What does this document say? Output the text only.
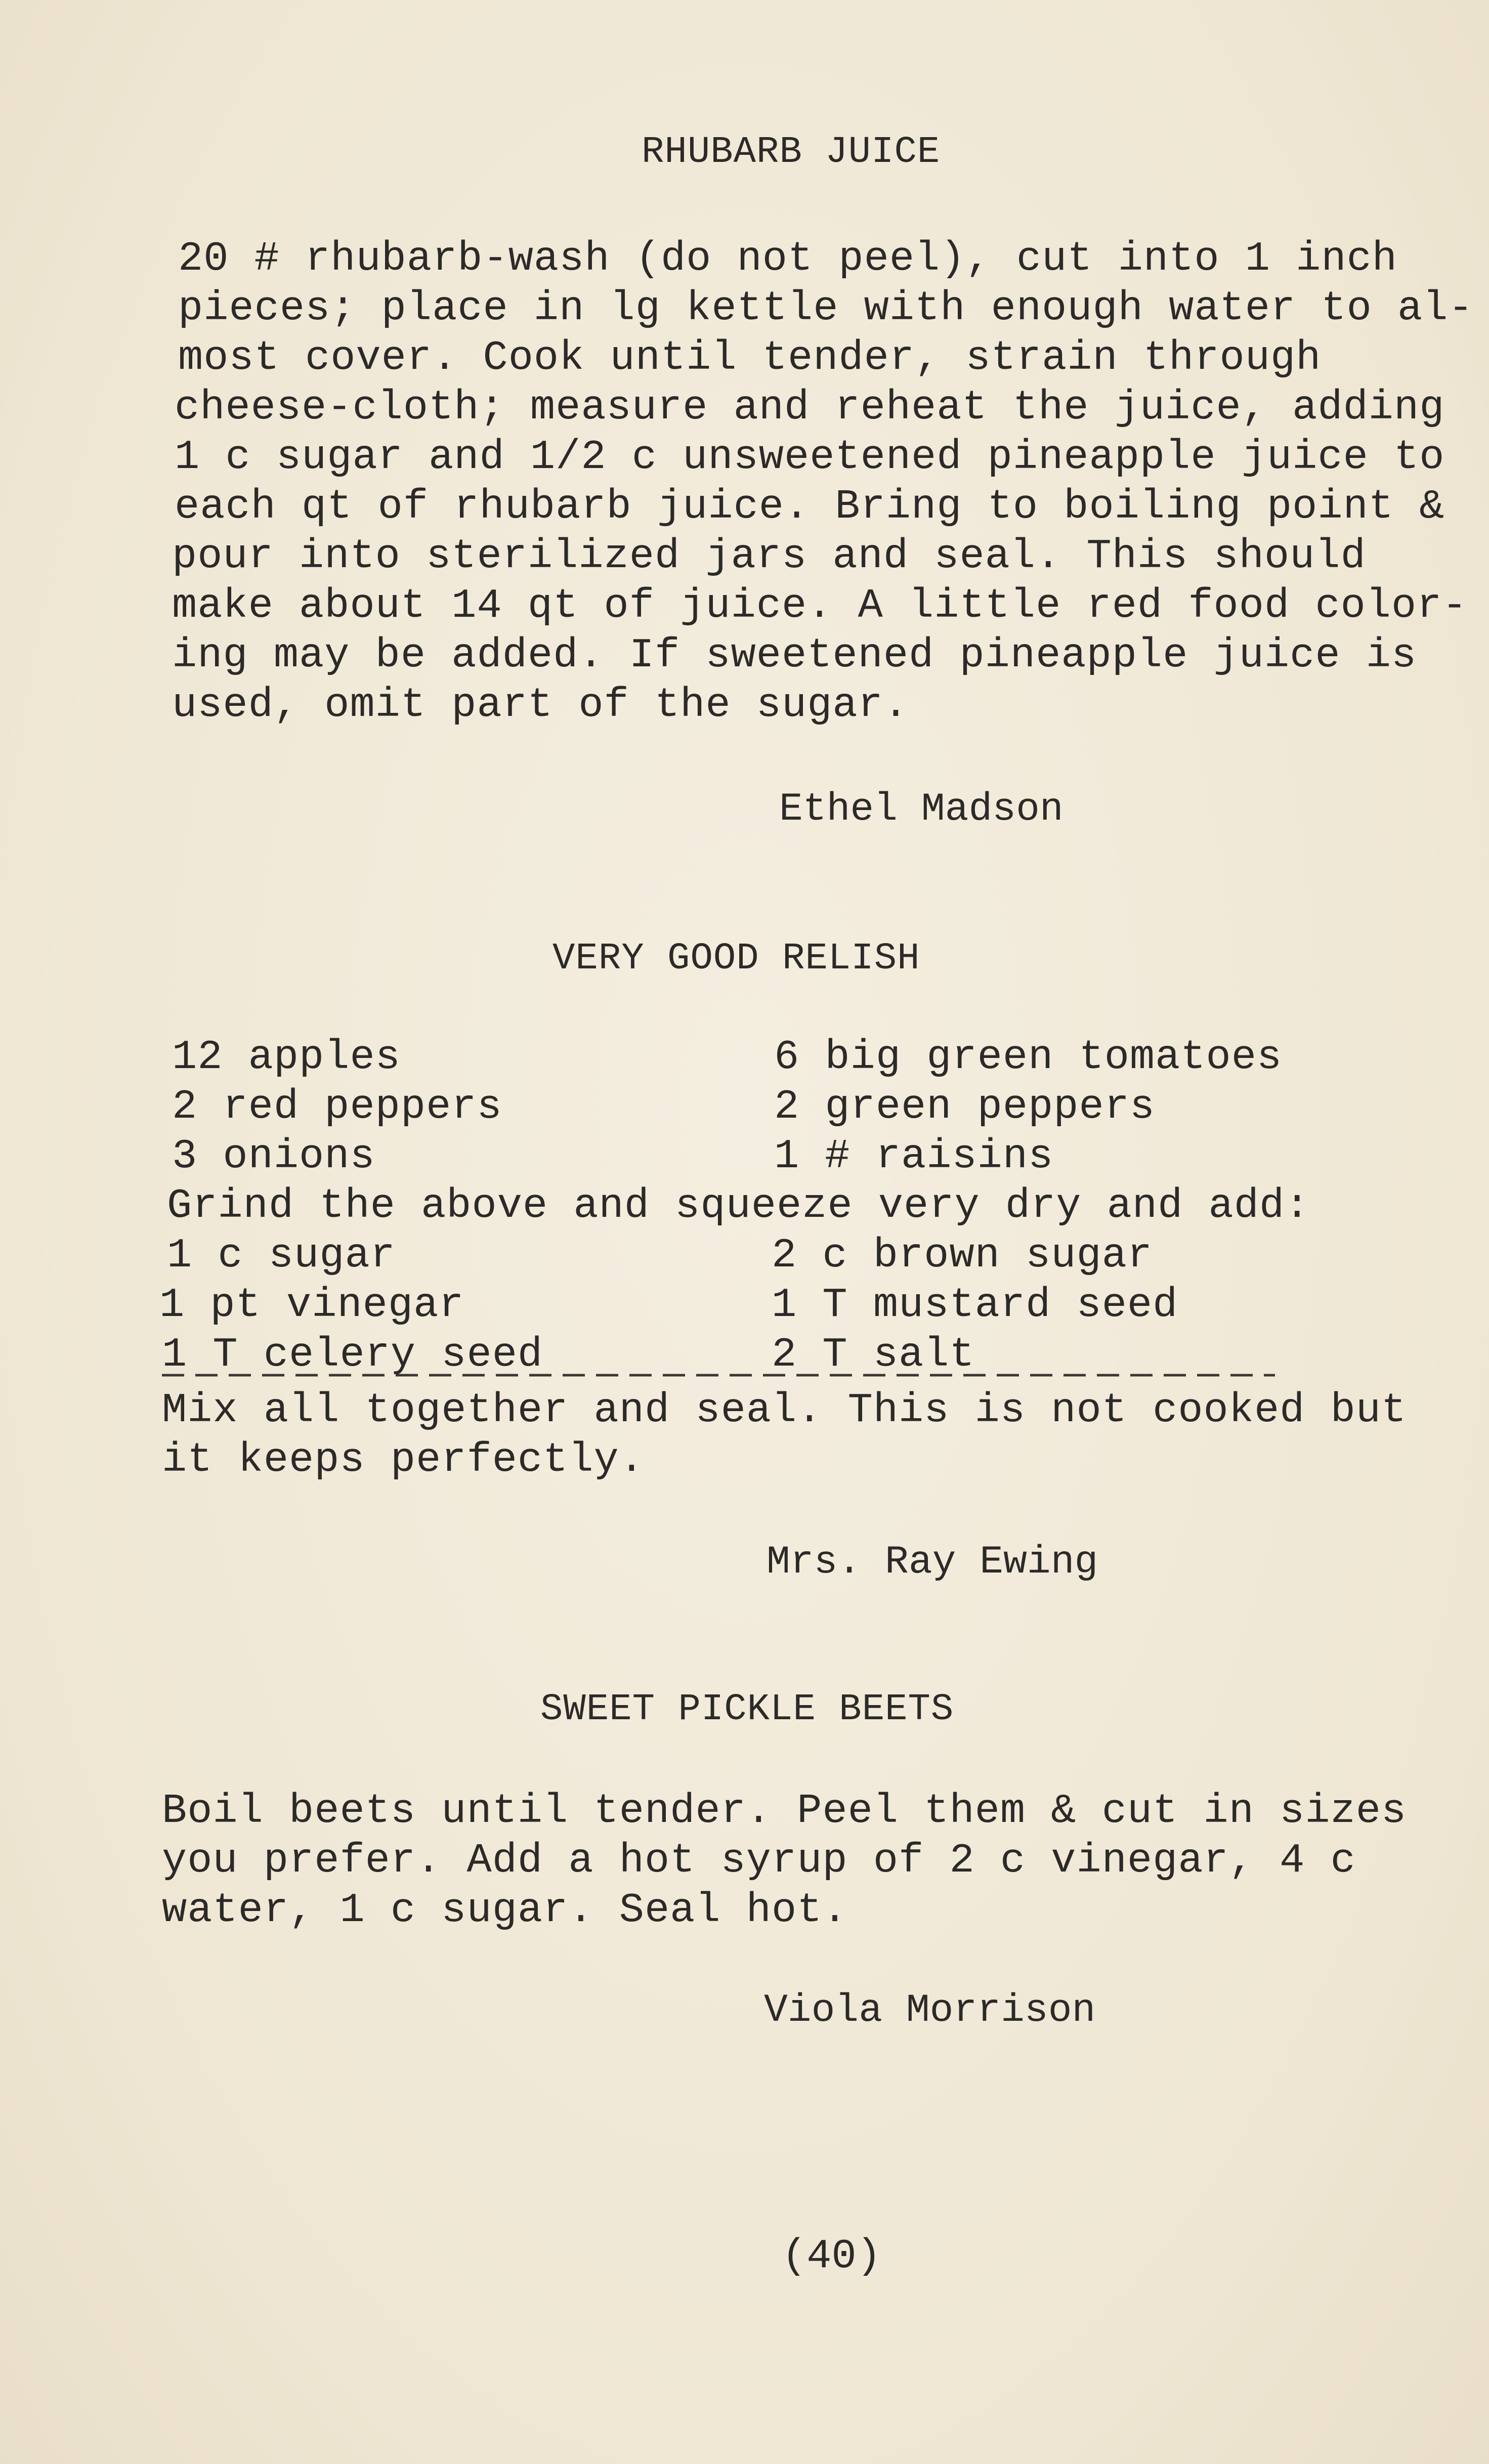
RHUBARB JUICE
20 # rhubarb-wash (do not peel), cut into 1 inch
pieces; place in lg kettle with enough water to al-
most cover. Cook until tender, strain through
cheese-cloth; measure and reheat the juice, adding
1 c sugar and 1/2 c unsweetened pineapple juice to
each qt of rhubarb juice. Bring to boiling point &
pour into sterilized jars and seal. This should
make about 14 qt of juice. A little red food color-
ing may be added. If sweetened pineapple juice is
used, omit part of the sugar.
Ethel Madson
VERY GOOD RELISH
12 apples	6 big green tomatoes
2 red peppers	2 green peppers
3 onions	1 # raisins
Grind the above and squeeze very dry and add:
1 c sugar	2 c brown sugar
1 pt vinegar	1 T mustard seed
1 T celery seed	2 T salt
Mix all together and seal. This is not cooked but
it keeps perfectly.
Mrs. Ray Ewing
SWEET PICKLE BEETS
Boil beets until tender. Peel them & cut in sizes
you prefer. Add a hot syrup of 2 c vinegar, 4 c
water, 1 c sugar. Seal hot.
Viola Morrison
(40)
